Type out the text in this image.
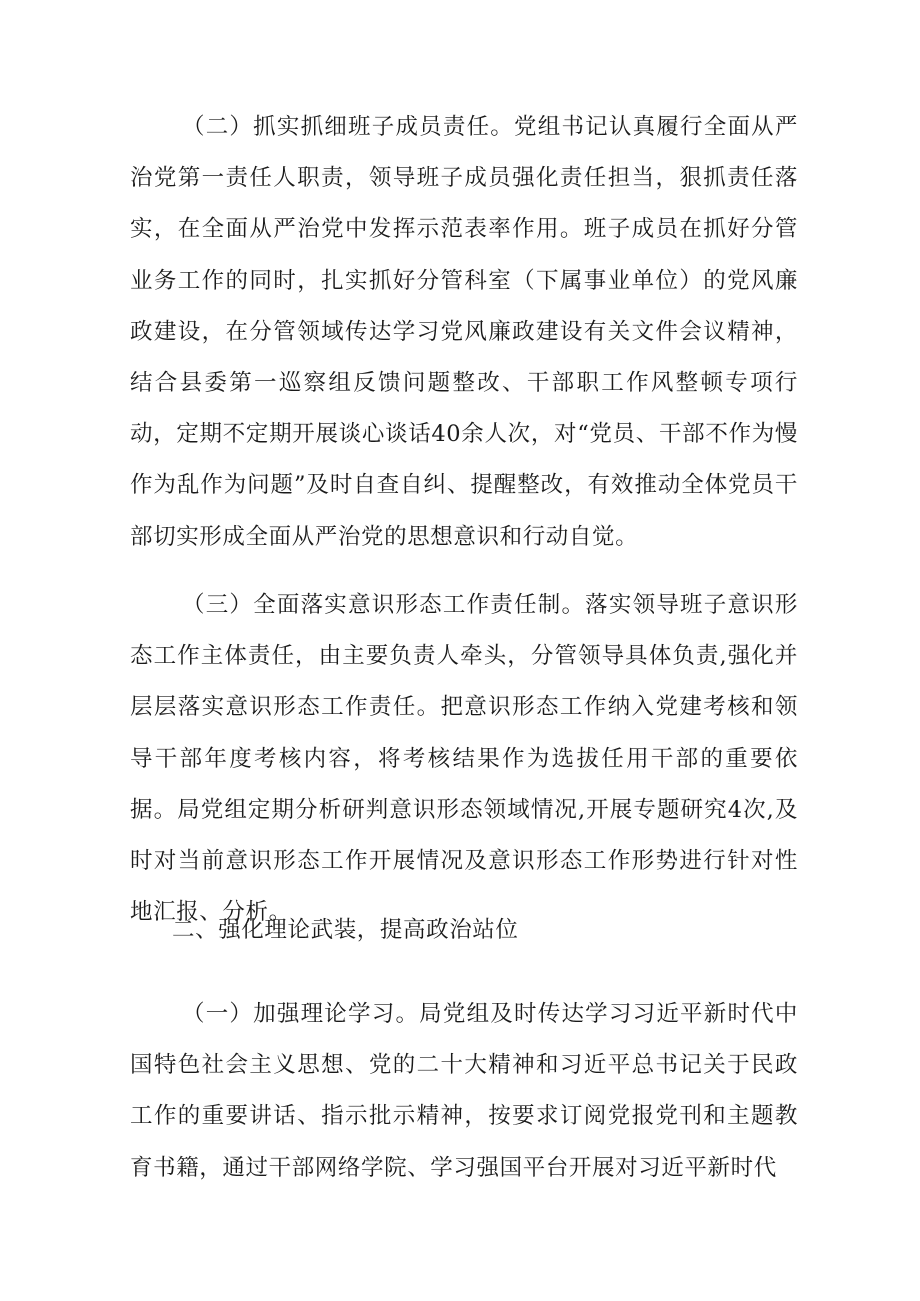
（二）抓实抓细班子成员责任。党组书记认真履行全面从严治党第一责任人职责，领导班子成员强化责任担当，狠抓责任落实，在全面从严治党中发挥示范表率作用。班子成员在抓好分管业务工作的同时，扎实抓好分管科室（下属事业单位）的党风廉政建设，在分管领域传达学习党风廉政建设有关文件会议精神，结合县委第一巡察组反馈问题整改、干部职工作风整顿专项行动，定期不定期开展谈心谈话40余人次，对“党员、干部不作为慢作为乱作为问题”及时自查自纠、提醒整改，有效推动全体党员干部切实形成全面从严治党的思想意识和行动自觉。

（三）全面落实意识形态工作责任制。落实领导班子意识形态工作主体责任，由主要负责人牵头，分管领导具体负责,强化并层层落实意识形态工作责任。把意识形态工作纳入党建考核和领导干部年度考核内容，将考核结果作为选拔任用干部的重要依据。局党组定期分析研判意识形态领域情况,开展专题研究4次,及时对当前意识形态工作开展情况及意识形态工作形势进行针对性地汇报、分析。

二、强化理论武装，提高政治站位

（一）加强理论学习。局党组及时传达学习习近平新时代中国特色社会主义思想、党的二十大精神和习近平总书记关于民政工作的重要讲话、指示批示精神，按要求订阅党报党刊和主题教育书籍，通过干部网络学院、学习强国平台开展对习近平新时代
